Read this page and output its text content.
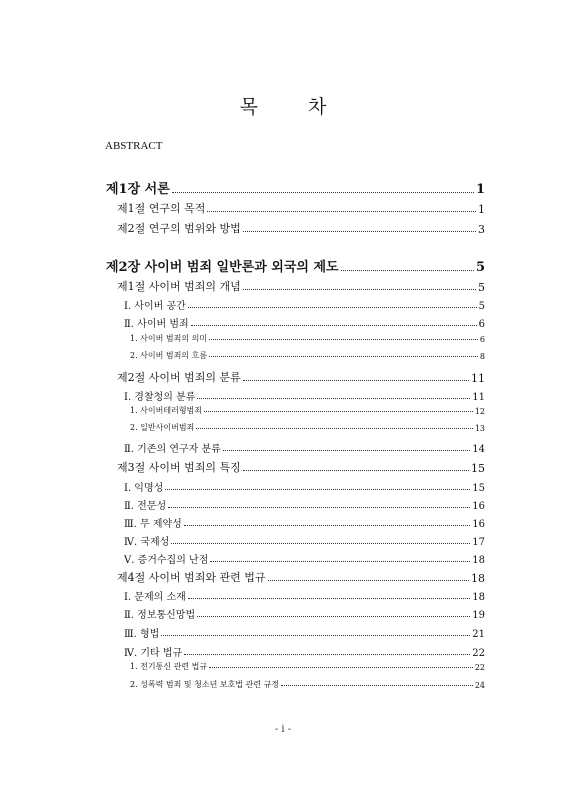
목 차
ABSTRACT
제1장 서론	1
제1절 연구의 목적	1
제2절 연구의 범위와 방법	3
제2장 사이버 범죄 일반론과 외국의 제도	5
제1절 사이버 범죄의 개념	5
Ⅰ. 사이버 공간	5
Ⅱ. 사이버 범죄	6
1. 사이버 범죄의 의미	6
2. 사이버 범죄의 흐름	8
제2절 사이버 범죄의 분류	11
Ⅰ. 경찰청의 분류	11
1. 사이버테러형범죄	12
2. 일반사이버범죄	13
Ⅱ. 기존의 연구자 분류	14
제3절 사이버 범죄의 특징	15
Ⅰ. 익명성	15
Ⅱ. 전문성	16
Ⅲ. 무 제약성	16
Ⅳ. 국제성	17
Ⅴ. 증거수집의 난점	18
제4절 사이버 범죄와 관련 법규	18
Ⅰ. 문제의 소재	18
Ⅱ. 정보통신망법	19
Ⅲ. 형법	21
Ⅳ. 기타 법규	22
1. 전기통신 관련 법규	22
2. 성폭력 범죄 및 청소년 보호법 관련 규정	24
- i -
